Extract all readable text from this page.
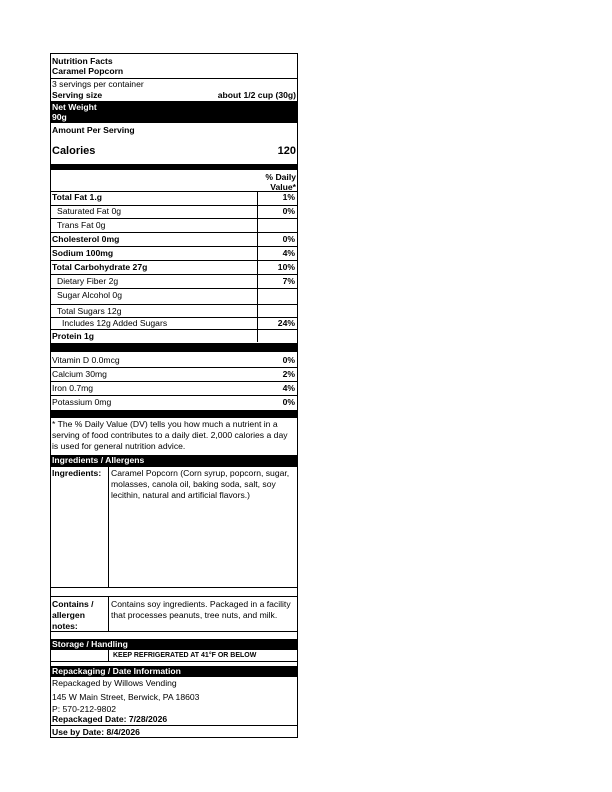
Nutrition Facts
Caramel Popcorn
3 servings per container
Serving size	about 1/2 cup (30g)
Net Weight
90g
Amount Per Serving
Calories	120
% Daily
Value*
Total Fat 1.g	1%
Saturated Fat 0g	0%
Trans Fat 0g
Cholesterol 0mg	0%
Sodium 100mg	4%
Total Carbohydrate 27g	10%
Dietary Fiber 2g	7%
Sugar Alcohol 0g
Total Sugars 12g
Includes 12g Added Sugars	24%
Protein 1g
Vitamin D 0.0mcg	0%
Calcium 30mg	2%
Iron 0.7mg	4%
Potassium 0mg	0%
* The % Daily Value (DV) tells you how much a nutrient in a
serving of food contributes to a daily diet. 2,000 calories a day
is used for general nutrition advice.
Ingredients / Allergens
Ingredients: Caramel Popcorn (Corn syrup, popcorn, sugar,
molasses, canola oil, baking soda, salt, soy
lecithin, natural and artificial flavors.)
Contains /
allergen
notes:
Contains soy ingredients. Packaged in a facility
that processes peanuts, tree nuts, and milk.
Storage / Handling
KEEP REFRIGERATED AT 41°F OR BELOW
Repackaging / Date Information
Repackaged by Willows Vending
145 W Main Street, Berwick, PA 18603
P: 570-212-9802
Repackaged Date: 7/28/2026
Use by Date: 8/4/2026
